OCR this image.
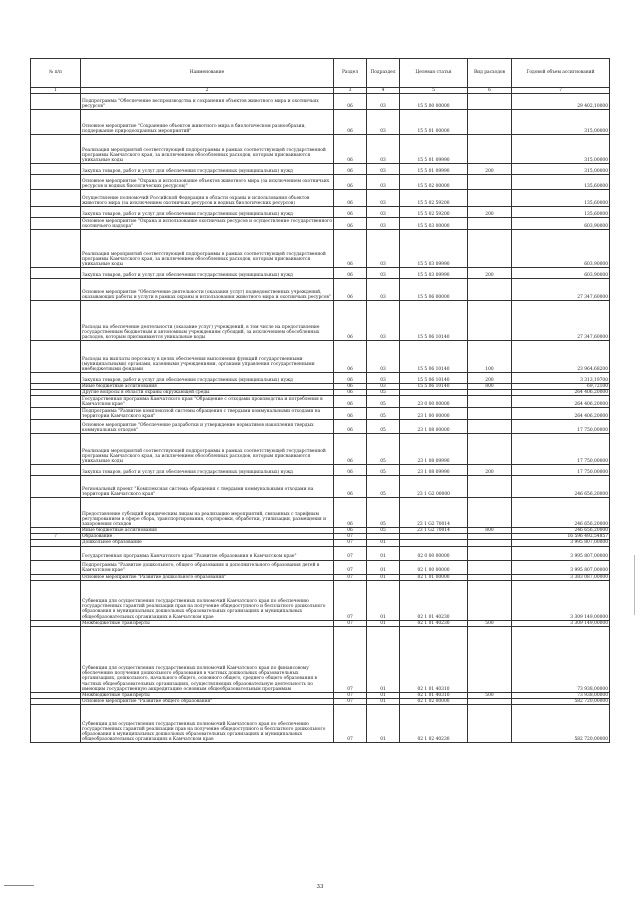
№ п/п	Наименование	Раздел	Подраздел	Целевая статья	Вид расходов	Годовой объем ассигнований
1	2	3	4	5	6	7
	Подпрограмма "Обеспечение воспроизводства и сохранения объектов животного мира и охотничьих ресурсов"	06	03	15 5 00 00000		29 402,10000
	Основное мероприятие "Сохранение объектов животного мира в биологическом разнообразии, поддержание природоохранных мероприятий"	06	03	15 5 01 00000		315,00000
	Реализация мероприятий соответствующей подпрограммы в рамках соответствующей государственной программы Камчатского края, за исключением обособленных расходов, которым присваиваются уникальные коды	06	03	15 5 01 09990		315,00000
	Закупка товаров, работ и услуг для обеспечения государственных (муниципальных) нужд	06	03	15 5 01 09990	200	315,00000
	Основное мероприятие "Охрана и использование объектов животного мира (за исключением охотничьих ресурсов и водных биологических ресурсов)"	06	03	15 5 02 00000		135,60000
	Осуществление полномочий Российской Федерации в области охраны и использования объектов животного мира (за исключением охотничьих ресурсов и водных биологических ресурсов)	06	03	15 5 02 59200		135,60000
	Закупка товаров, работ и услуг для обеспечения государственных (муниципальных) нужд	06	03	15 5 02 59200	200	135,60000
	Основное мероприятие "Охрана и использование охотничьих ресурсов и осуществление государственного охотничьего надзора"	06	03	15 5 03 00000		603,90000
	Реализация мероприятий соответствующей подпрограммы в рамках соответствующей государственной программы Камчатского края, за исключением обособленных расходов, которым присваиваются уникальные коды	06	03	15 5 03 09990		603,90000
	Закупка товаров, работ и услуг для обеспечения государственных (муниципальных) нужд	06	03	15 5 03 09990	200	603,90000
	Основное мероприятие "Обеспечение деятельности (оказания услуг) подведомственных учреждений, оказывающих работы и услуги в рамках охраны и использования животного мира и охотничьих ресурсов"	06	03	15 5 06 00000		27 347,60000
	Расходы на обеспечение деятельности (оказание услуг) учреждений, в том числе на предоставление государственным бюджетным и автономным учреждениям субсидий, за исключением обособленных расходов, которым присваиваются уникальные коды	06	03	15 5 06 10140		27 347,60000
	Расходы на выплаты персоналу в целях обеспечения выполнения функций государственными (муниципальными) органами, казенными учреждениями, органами управления государственными внебюджетными фондами	06	03	15 5 06 10140	100	23 964,68200
	Закупка товаров, работ и услуг для обеспечения государственных (муниципальных) нужд	06	03	15 5 06 10140	200	3 313,19700
	Иные бюджетные ассигнования	06	03	15 5 06 10140	800	69,72100
	Другие вопросы в области охраны окружающей среды	06	05			264 406,20000
	Государственная программа Камчатского края "Обращение с отходами производства и потребления в Камчатском крае"	06	05	23 0 00 00000		264 406,20000
	Подпрограмма "Развитие комплексной системы обращения с твердыми коммунальными отходами на территории Камчатского края"	06	05	23 1 00 00000		264 406,20000
	Основное мероприятие "Обеспечение разработки и утверждение нормативов накопления твердых коммунальных отходов"	06	05	23 1 08 00000		17 750,00000
	Реализация мероприятий соответствующей подпрограммы в рамках соответствующей государственной программы Камчатского края, за исключением обособленных расходов, которым присваиваются уникальные коды	06	05	23 1 08 09990		17 750,00000
	Закупка товаров, работ и услуг для обеспечения государственных (муниципальных) нужд	06	05	23 1 08 09990	200	17 750,00000
	Региональный проект "Комплексная система обращения с твердыми коммунальными отходами на территории Камчатского края"	06	05	23 1 G2 00000		246 656,20000
	Предоставление субсидий юридическим лицам на реализацию мероприятий, связанных с тарифным регулированием в сфере сбора, транспортирования, сортировки, обработки, утилизации, размещения и захоронения отходов	06	05	23 1 G2 70014		246 656,20000
	Иные бюджетные ассигнования	06	05	23 1 G2 70014	800	246 656,20000
7	Образование	07				16 596 492,54857
	Дошкольное образование	07	01			3 995 807,00000
	Государственная программа Камчатского края "Развитие образования в Камчатском крае"	07	01	02 0 00 00000		3 995 807,00000
	Подпрограмма "Развитие дошкольного, общего образования и дополнительного образования детей в Камчатском крае"	07	01	02 1 00 00000		3 995 807,00000
	Основное мероприятие "Развитие дошкольного образования"	07	01	02 1 01 00000		3 383 087,00000
	Субвенции для осуществления государственных полномочий Камчатского края по обеспечению государственных гарантий реализации прав на получение общедоступного и бесплатного дошкольного образования в муниципальных дошкольных образовательных организациях и муниципальных общеобразовательных организациях в Камчатском крае	07	01	02 1 01 40230		3 309 149,00000
	Межбюджетные трансферты	07	01	02 1 01 40230	500	3 309 149,00000
	Субвенции для осуществления государственных полномочий Камчатского края по финансовому обеспечению получения дошкольного образования в частных дошкольных образовательных организациях, дошкольного, начального общего, основного общего, среднего общего образования в частных общеобразовательных организациях, осуществляющих образовательную деятельность по имеющим государственную аккредитацию основным общеобразовательным программам	07	01	02 1 01 40310		73 938,00000
	Межбюджетные трансферты	07	01	02 1 01 40310	500	73 938,00000
	Основное мероприятие "Развитие общего образования"	07	01	02 1 02 00000		582 720,00000
	Субвенции для осуществления государственных полномочий Камчатского края по обеспечению государственных гарантий реализации прав на получение общедоступного и бесплатного дошкольного образования в муниципальных дошкольных образовательных организациях и муниципальных общеобразовательных организациях в Камчатском крае	07	01	02 1 02 40230		582 720,00000
33
